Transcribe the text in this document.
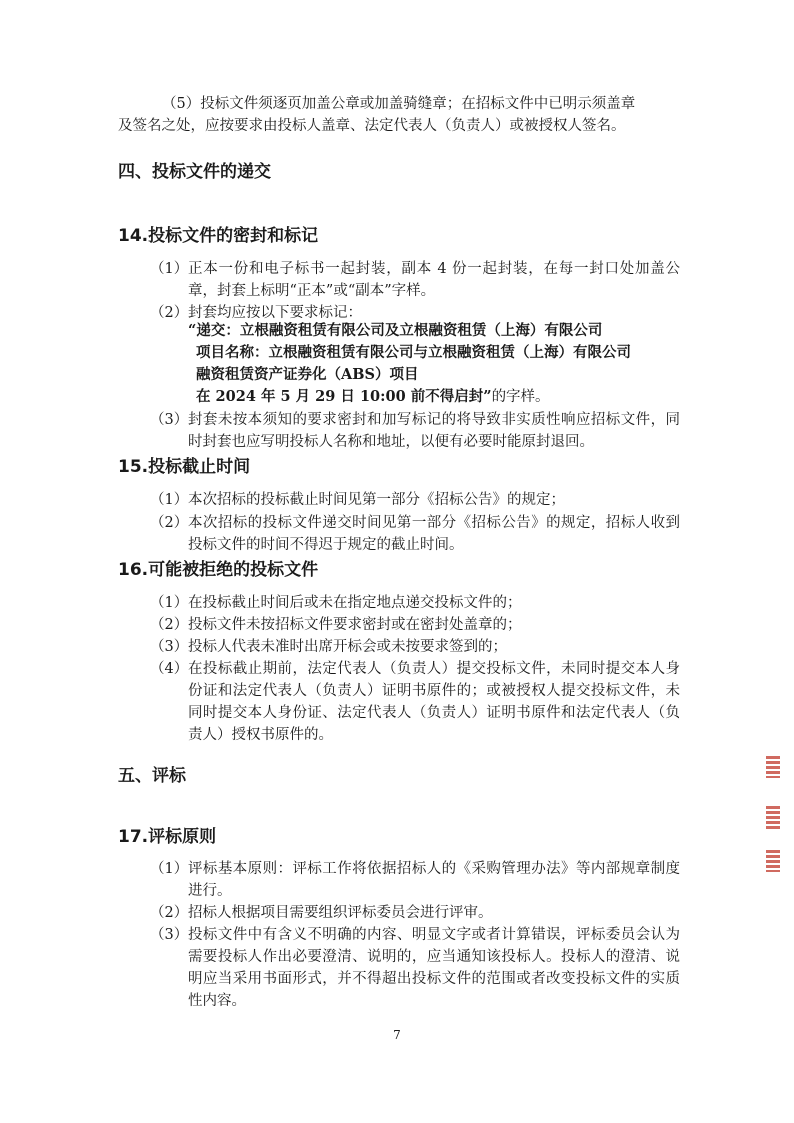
（5）投标文件须逐页加盖公章或加盖骑缝章；在招标文件中已明示须盖章
及签名之处，应按要求由投标人盖章、法定代表人（负责人）或被授权人签名。
四、投标文件的递交
14.投标文件的密封和标记
（1） 正本一份和电子标书一起封装，副本 4 份一起封装，在每一封口处加盖公章，封套上标明“正本”或“副本”字样。
（2） 封套均应按以下要求标记：
“递交：立根融资租赁有限公司及立根融资租赁（上海）有限公司
项目名称：立根融资租赁有限公司与立根融资租赁（上海）有限公司
融资租赁资产证券化（ABS）项目
在 2024 年 5 月 29 日 10:00 前不得启封”的字样。
（3） 封套未按本须知的要求密封和加写标记的将导致非实质性响应招标文件，同时封套也应写明投标人名称和地址，以便有必要时能原封退回。
15.投标截止时间
（1） 本次招标的投标截止时间见第一部分《招标公告》的规定；
（2） 本次招标的投标文件递交时间见第一部分《招标公告》的规定，招标人收到投标文件的时间不得迟于规定的截止时间。
16.可能被拒绝的投标文件
（1） 在投标截止时间后或未在指定地点递交投标文件的；
（2） 投标文件未按招标文件要求密封或在密封处盖章的；
（3） 投标人代表未准时出席开标会或未按要求签到的；
（4） 在投标截止期前，法定代表人（负责人）提交投标文件，未同时提交本人身份证和法定代表人（负责人）证明书原件的；或被授权人提交投标文件，未同时提交本人身份证、法定代表人（负责人）证明书原件和法定代表人（负责人）授权书原件的。
五、评标
17.评标原则
（1） 评标基本原则：评标工作将依据招标人的《采购管理办法》等内部规章制度进行。
（2） 招标人根据项目需要组织评标委员会进行评审。
（3） 投标文件中有含义不明确的内容、明显文字或者计算错误，评标委员会认为需要投标人作出必要澄清、说明的，应当通知该投标人。投标人的澄清、说明应当采用书面形式，并不得超出投标文件的范围或者改变投标文件的实质性内容。
7
